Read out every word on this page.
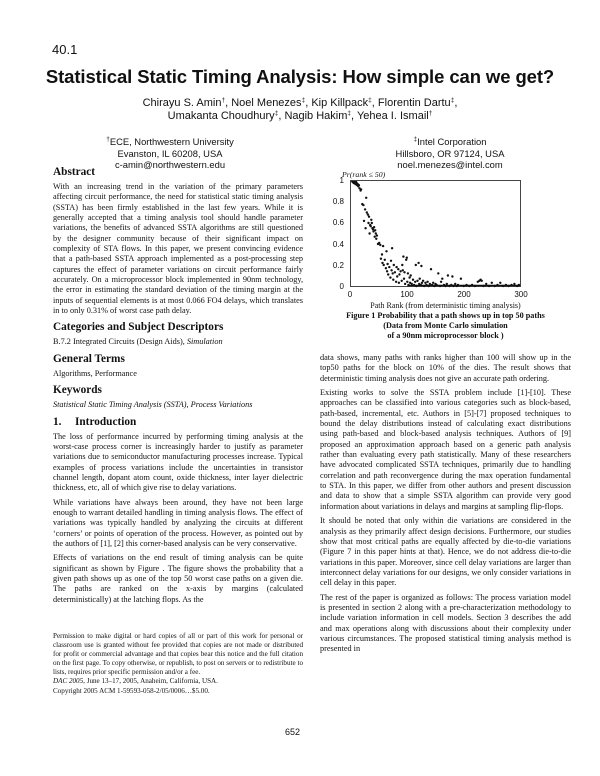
40.1
Statistical Static Timing Analysis: How simple can we get?
Chirayu S. Amin†, Noel Menezes‡, Kip Killpack‡, Florentin Dartu‡,
Umakanta Choudhury‡, Nagib Hakim‡, Yehea I. Ismail†
†ECE, Northwestern University
Evanston, IL 60208, USA
c-amin@northwestern.edu
‡Intel Corporation
Hillsboro, OR 97124, USA
noel.menezes@intel.com
Abstract

With an increasing trend in the variation of the primary parameters affecting circuit performance, the need for statistical static timing analysis (SSTA) has been firmly established in the last few years. While it is generally accepted that a timing analysis tool should handle parameter variations, the benefits of advanced SSTA algorithms are still questioned by the designer community because of their significant impact on complexity of STA flows. In this paper, we present convincing evidence that a path-based SSTA approach implemented as a post-processing step captures the effect of parameter variations on circuit performance fairly accurately. On a microprocessor block implemented in 90nm technology, the error in estimating the standard deviation of the timing margin at the inputs of sequential elements is at most 0.066 FO4 delays, which translates in to only 0.31% of worst case path delay.

Categories and Subject Descriptors

B.7.2 Integrated Circuits (Design Aids), Simulation

General Terms

Algorithms, Performance

Keywords

Statistical Static Timing Analysis (SSTA), Process Variations

1. Introduction

The loss of performance incurred by performing timing analysis at the worst-case process corner is increasingly harder to justify as parameter variations due to semiconductor manufacturing processes increase. Typical examples of process variations include the uncertainties in transistor channel length, dopant atom count, oxide thickness, inter layer dielectric thickness, etc, all of which give rise to delay variations.

While variations have always been around, they have not been large enough to warrant detailed handling in timing analysis flows. The effect of variations was typically handled by analyzing the circuits at different ‘corners’ or points of operation of the process. However, as pointed out by the authors of [1], [2] this corner-based analysis can be very conservative.

Effects of variations on the end result of timing analysis can be quite significant as shown by Figure . The figure shows the probability that a given path shows up as one of the top 50 worst case paths on a given die. The paths are ranked on the x-axis by margins (calculated deterministically) at the latching flops. As the

Permission to make digital or hard copies of all or part of this work for personal or classroom use is granted without fee provided that copies are not made or distributed for profit or commercial advantage and that copies bear this notice and the full citation on the first page. To copy otherwise, or republish, to post on servers or to redistribute to lists, requires prior specific permission and/or a fee.

DAC 2005, June 13–17, 2005, Anaheim, California, USA.

Copyright 2005 ACM 1-59593-058-2/05/0006…$5.00.

Pr(rank ≤ 50)
1
0.8
0.6
0.4
0.2
0
0	100	200	300
Path Rank (from deterministic timing analysis)
Figure 1 Probability that a path shows up in top 50 paths
(Data from Monte Carlo simulation
of a 90nm microprocessor block )

data shows, many paths with ranks higher than 100 will show up in the top50 paths for the block on 10% of the dies. The result shows that deterministic timing analysis does not give an accurate path ordering.

Existing works to solve the SSTA problem include [1]-[10]. These approaches can be classified into various categories such as block-based, path-based, incremental, etc. Authors in [5]-[7] proposed techniques to bound the delay distributions instead of calculating exact distributions using path-based and block-based analysis techniques. Authors of [9] proposed an approximation approach based on a generic path analysis rather than evaluating every path statistically. Many of these researchers have advocated complicated SSTA techniques, primarily due to handling correlation and path reconvergence during the max operation fundamental to STA. In this paper, we differ from other authors and present discussion and data to show that a simple SSTA algorithm can provide very good information about variations in delays and margins at sampling flip-flops.

It should be noted that only within die variations are considered in the analysis as they primarily affect design decisions. Furthermore, our studies show that most critical paths are equally affected by die-to-die variations (Figure 7 in this paper hints at that). Hence, we do not address die-to-die variations in this paper. Moreover, since cell delay variations are larger than interconnect delay variations for our designs, we only consider variations in cell delay in this paper.

The rest of the paper is organized as follows: The process variation model is presented in section 2 along with a pre-characterization methodology to include variation information in cell models. Section 3 describes the add and max operations along with discussions about their complexity under various circumstances. The proposed statistical timing analysis method is presented in

652
